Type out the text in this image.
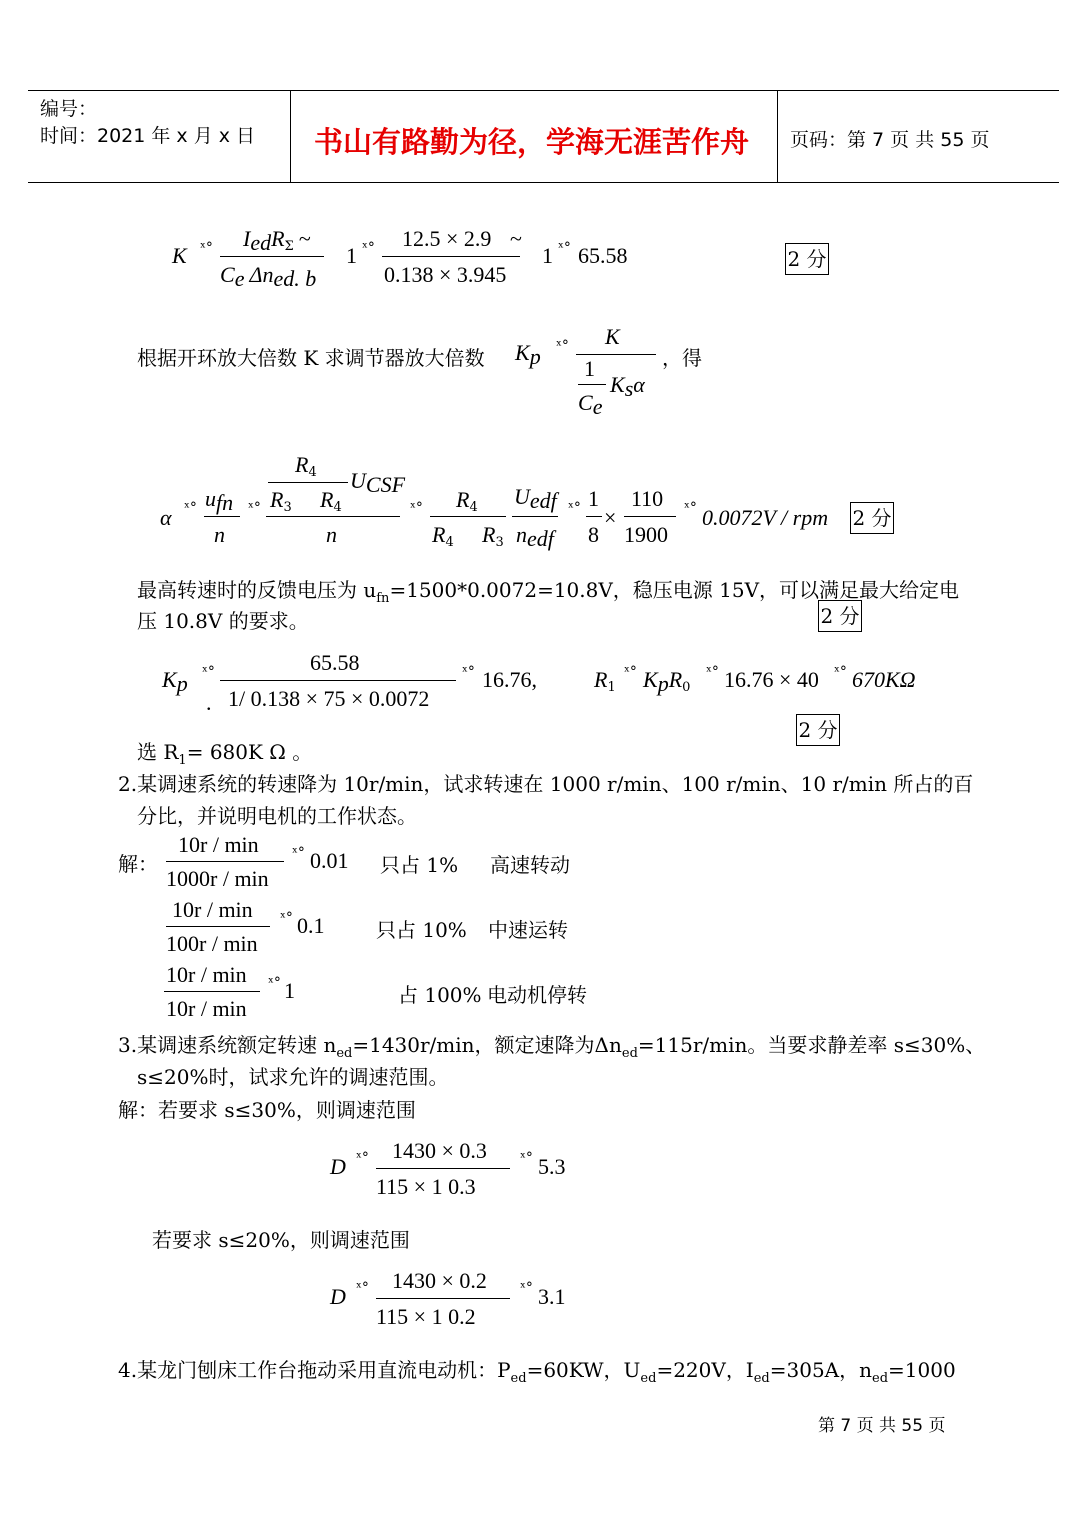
编号：
时间：2021 年 x 月 x 日 书山有路勤为径，学海无涯苦作舟 页码：第 7 页 共 55 页
K ˣ° $I_{ed}R_\Sigma$ ~
$C_e$ $\Delta n_{ed. b}$
1 ˣ° 12.5 × 2.9 ~
0.138 × 3.945
1 ˣ° 65.58	2 分
根据开环放大倍数 K 求调节器放大倍数 $K_p$ ˣ° K
1
$C_e$
$K_s\alpha$
，得
α ˣ° $u_{fn}$
n
ˣ°
$R_4$ $U_{CSF}$
$R_3$ $R_4$
n
ˣ° $R_4$
$R_4$ $R_3$
$U_{edf}$
$n_{edf}$
ˣ° 1
8
×
110
1900
ˣ° 0.0072V / rpm 2 分
最高转速时的反馈电压为 $u_{fn}=1500*0.0072=10.8V$，稳压电源 15V，可以满足最大给定电
压 10.8V 的要求。	2 分
$K_p$ ˣ°	65.58
. 1/ 0.138 × 75 × 0.0072
ˣ° 16.76,	$R_1$
ˣ° $K_pR_0$
ˣ° 16.76 × 40 ˣ° 670KΩ
2 分
选 $R_1= 680K$ Ω 。
2.某调速系统的转速降为 10r/min，试求转速在 1000 r/min、100 r/min、10 r/min 所占的百
分比，并说明电机的工作状态。
解：
10r / min
1000r / min
ˣ° 0.01 只占 1% 高速转动
10r / min
100r / min
ˣ° 0.1	只占 10% 中速运转
10r / min
10r / min
ˣ° 1	占 100% 电动机停转
3.某调速系统额定转速 $n_{ed}=1430r/\min$，额定速降为$\Delta n_{ed}=115r/\min$。当要求静差率 s≤30%、
s≤20%时，试求允许的调速范围。
解：若要求 s≤30%，则调速范围
D ˣ° 1430 × 0.3
115 × 1 0.3
ˣ° 5.3
若要求 s≤20%，则调速范围
D ˣ° 1430 × 0.2
115 × 1 0.2
ˣ° 3.1
4.某龙门刨床工作台拖动采用直流电动机：$P_{ed}=60KW$，$U_{ed}=220V$，$I_{ed}=305A$，$n_{ed}=1000$
第 7 页 共 55 页
